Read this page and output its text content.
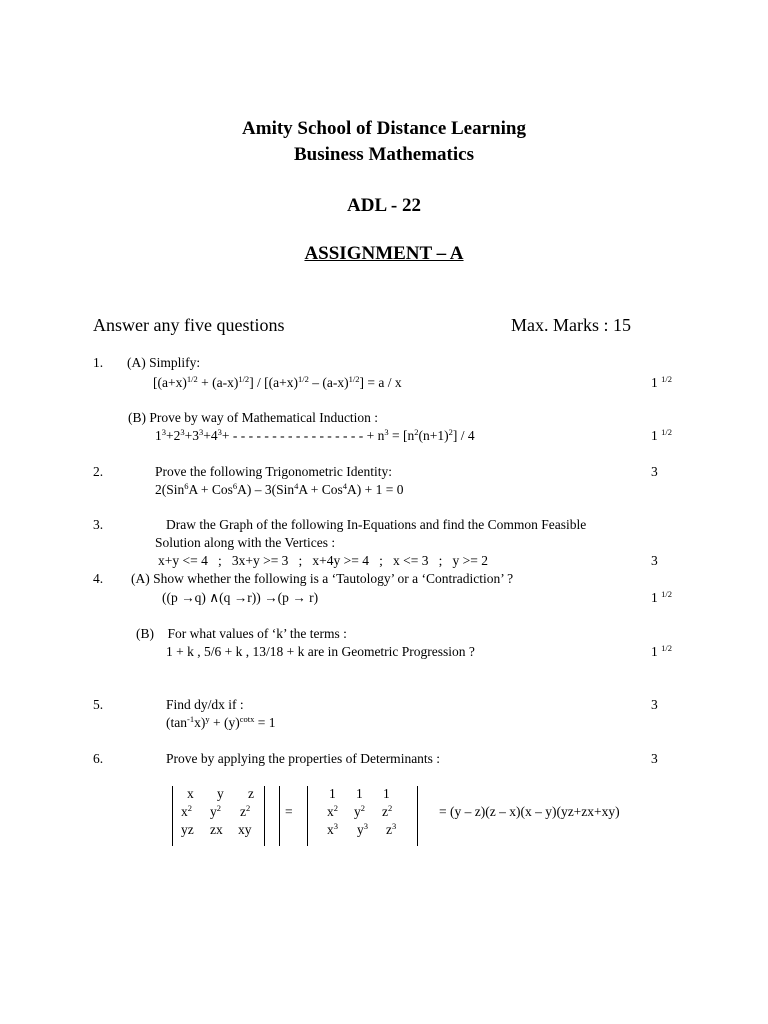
Amity School of Distance Learning
Business Mathematics
ADL - 22
ASSIGNMENT – A
Answer any five questions	Max. Marks : 15
1. (A) Simplify:
$[(a+x)^{1/2} + (a-x)^{1/2}] / [(a+x)^{1/2} - (a-x)^{1/2}] = a / x$	1 $^{1/2}$
(B) Prove by way of Mathematical Induction :
$1^3+2^3+3^3+4^3+$ - - - - - - - - - - - - - - - - - + $n^3 = [n^2(n+1)^2] / 4$	1 $^{1/2}$
2.	Prove the following Trigonometric Identity:	3
2(Sin$^6$A + Cos$^6$A) – 3(Sin$^4$A + Cos$^4$A) + 1 = 0
3.	Draw the Graph of the following In-Equations and find the Common Feasible
Solution along with the Vertices :
x+y <= 4   ;   3x+y >= 3   ;   x+4y >= 4   ;   x <= 3   ;   y >= 2	3
4. (A) Show whether the following is a ‘Tautology’ or a ‘Contradiction’ ?
((p →q) ∧(q →r)) →(p → r)	1 $^{1/2}$
(B)    For what values of ‘k’ the terms :
1 + k , 5/6 + k , 13/18 + k are in Geometric Progression ?	1 $^{1/2}$
5.	Find dy/dx if :	3
$(\tan^{-1}x)^y + (y)^{cotx} = 1$
6.	Prove by applying the properties of Determinants :	3
x y z
$x^2$ $y^2$ $z^2$
yz zx xy
=
1 1 1
$x^2$ $y^2$ $z^2$
$x^3$ $y^3$ $z^3$
= (y – z)(z – x)(x – y)(yz+zx+xy)
